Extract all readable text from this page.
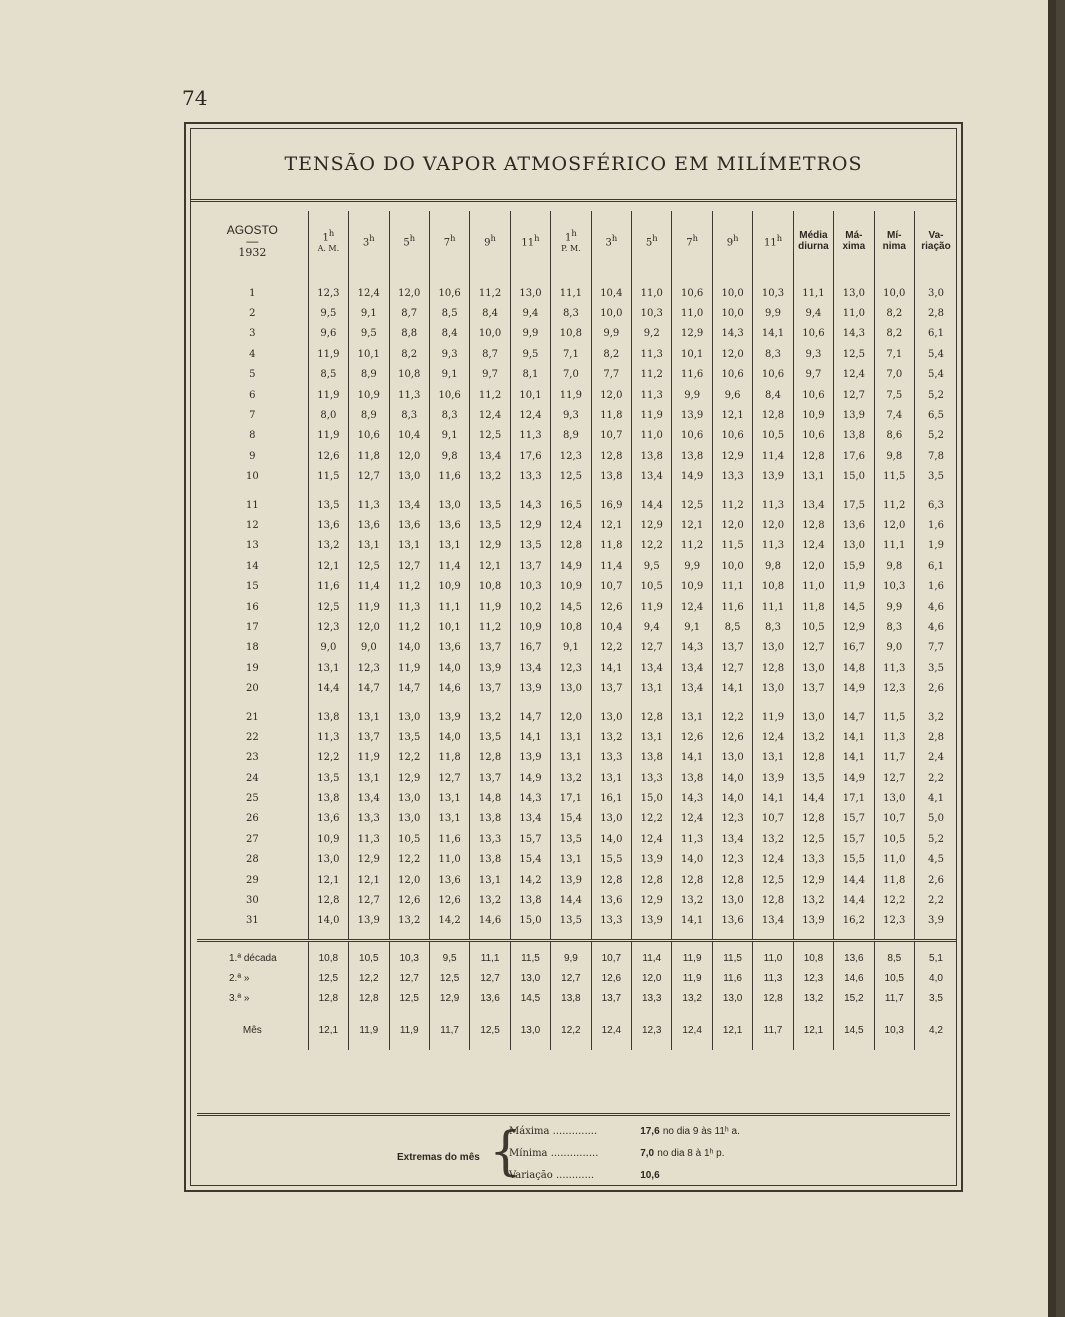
74
TENSÃO DO VAPOR ATMOSFÉRICO EM MILÍMETROS
AGOSTO
—
1932	1$^h$
A. M.	3$^h$	5$^h$	7$^h$	9$^h$	11$^h$	1$^h$
P. M.	3$^h$	5$^h$	7$^h$	9$^h$	11$^h$	Média diurna	Má- xima	Mí- nima	Va- riação

1	12,3	12,4	12,0	10,6	11,2	13,0	11,1	10,4	11,0	10,6	10,0	10,3	11,1	13,0	10,0	3,0
2	9,5	9,1	8,7	8,5	8,4	9,4	8,3	10,0	10,3	11,0	10,0	9,9	9,4	11,0	8,2	2,8
3	9,6	9,5	8,8	8,4	10,0	9,9	10,8	9,9	9,2	12,9	14,3	14,1	10,6	14,3	8,2	6,1
4	11,9	10,1	8,2	9,3	8,7	9,5	7,1	8,2	11,3	10,1	12,0	8,3	9,3	12,5	7,1	5,4
5	8,5	8,9	10,8	9,1	9,7	8,1	7,0	7,7	11,2	11,6	10,6	10,6	9,7	12,4	7,0	5,4
6	11,9	10,9	11,3	10,6	11,2	10,1	11,9	12,0	11,3	9,9	9,6	8,4	10,6	12,7	7,5	5,2
7	8,0	8,9	8,3	8,3	12,4	12,4	9,3	11,8	11,9	13,9	12,1	12,8	10,9	13,9	7,4	6,5
8	11,9	10,6	10,4	9,1	12,5	11,3	8,9	10,7	11,0	10,6	10,6	10,5	10,6	13,8	8,6	5,2
9	12,6	11,8	12,0	9,8	13,4	17,6	12,3	12,8	13,8	13,8	12,9	11,4	12,8	17,6	9,8	7,8
10	11,5	12,7	13,0	11,6	13,2	13,3	12,5	13,8	13,4	14,9	13,3	13,9	13,1	15,0	11,5	3,5

11	13,5	11,3	13,4	13,0	13,5	14,3	16,5	16,9	14,4	12,5	11,2	11,3	13,4	17,5	11,2	6,3
12	13,6	13,6	13,6	13,6	13,5	12,9	12,4	12,1	12,9	12,1	12,0	12,0	12,8	13,6	12,0	1,6
13	13,2	13,1	13,1	13,1	12,9	13,5	12,8	11,8	12,2	11,2	11,5	11,3	12,4	13,0	11,1	1,9
14	12,1	12,5	12,7	11,4	12,1	13,7	14,9	11,4	9,5	9,9	10,0	9,8	12,0	15,9	9,8	6,1
15	11,6	11,4	11,2	10,9	10,8	10,3	10,9	10,7	10,5	10,9	11,1	10,8	11,0	11,9	10,3	1,6
16	12,5	11,9	11,3	11,1	11,9	10,2	14,5	12,6	11,9	12,4	11,6	11,1	11,8	14,5	9,9	4,6
17	12,3	12,0	11,2	10,1	11,2	10,9	10,8	10,4	9,4	9,1	8,5	8,3	10,5	12,9	8,3	4,6
18	9,0	9,0	14,0	13,6	13,7	16,7	9,1	12,2	12,7	14,3	13,7	13,0	12,7	16,7	9,0	7,7
19	13,1	12,3	11,9	14,0	13,9	13,4	12,3	14,1	13,4	13,4	12,7	12,8	13,0	14,8	11,3	3,5
20	14,4	14,7	14,7	14,6	13,7	13,9	13,0	13,7	13,1	13,4	14,1	13,0	13,7	14,9	12,3	2,6

21	13,8	13,1	13,0	13,9	13,2	14,7	12,0	13,0	12,8	13,1	12,2	11,9	13,0	14,7	11,5	3,2
22	11,3	13,7	13,5	14,0	13,5	14,1	13,1	13,2	13,1	12,6	12,6	12,4	13,2	14,1	11,3	2,8
23	12,2	11,9	12,2	11,8	12,8	13,9	13,1	13,3	13,8	14,1	13,0	13,1	12,8	14,1	11,7	2,4
24	13,5	13,1	12,9	12,7	13,7	14,9	13,2	13,1	13,3	13,8	14,0	13,9	13,5	14,9	12,7	2,2
25	13,8	13,4	13,0	13,1	14,8	14,3	17,1	16,1	15,0	14,3	14,0	14,1	14,4	17,1	13,0	4,1
26	13,6	13,3	13,0	13,1	13,8	13,4	15,4	13,0	12,2	12,4	12,3	10,7	12,8	15,7	10,7	5,0
27	10,9	11,3	10,5	11,6	13,3	15,7	13,5	14,0	12,4	11,3	13,4	13,2	12,5	15,7	10,5	5,2
28	13,0	12,9	12,2	11,0	13,8	15,4	13,1	15,5	13,9	14,0	12,3	12,4	13,3	15,5	11,0	4,5
29	12,1	12,1	12,0	13,6	13,1	14,2	13,9	12,8	12,8	12,8	12,8	12,5	12,9	14,4	11,8	2,6
30	12,8	12,7	12,6	12,6	13,2	13,8	14,4	13,6	12,9	13,2	13,0	12,8	13,2	14,4	12,2	2,2
31	14,0	13,9	13,2	14,2	14,6	15,0	13,5	13,3	13,9	14,1	13,6	13,4	13,9	16,2	12,3	3,9

1.ª década	10,8	10,5	10,3	9,5	11,1	11,5	9,9	10,7	11,4	11,9	11,5	11,0	10,8	13,6	8,5	5,1
2.ª »	12,5	12,2	12,7	12,5	12,7	13,0	12,7	12,6	12,0	11,9	11,6	11,3	12,3	14,6	10,5	4,0
3.ª »	12,8	12,8	12,5	12,9	13,6	14,5	13,8	13,7	13,3	13,2	13,0	12,8	13,2	15,2	11,7	3,5

Mês	12,1	11,9	11,9	11,7	12,5	13,0	12,2	12,4	12,3	12,4	12,1	11,7	12,1	14,5	10,3	4,2

Extremas do mês {
Máxima ..............	17,6 no dia 9 às 11ʰ a.
Mínima ...............	7,0 no dia 8 à 1ʰ p.
Variação ............	10,6
